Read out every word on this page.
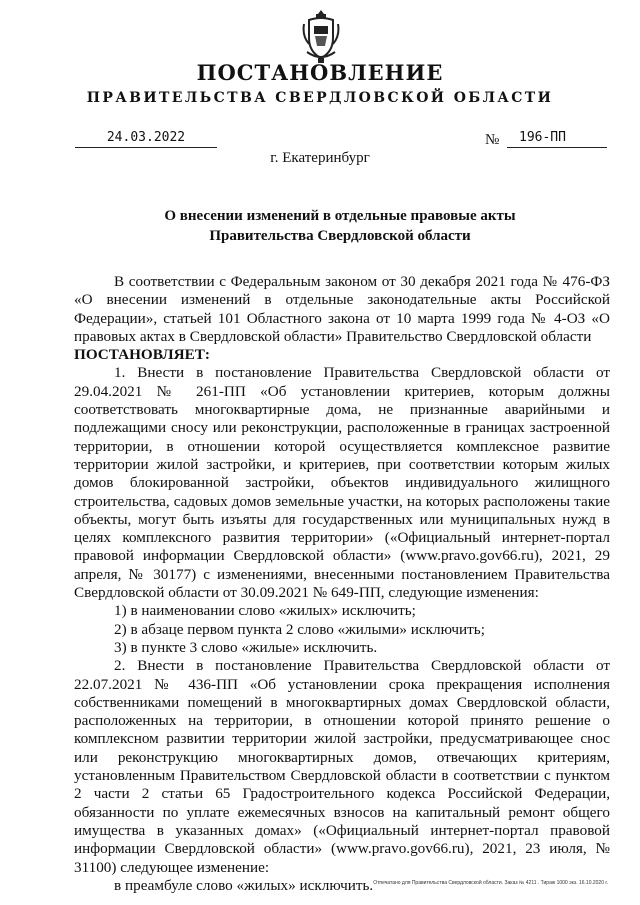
ПОСТАНОВЛЕНИЕ
ПРАВИТЕЛЬСТВА СВЕРДЛОВСКОЙ ОБЛАСТИ
24.03.2022	№	196-ПП
г. Екатеринбург
О внесении изменений в отдельные правовые акты
Правительства Свердловской области

В соответствии с Федеральным законом от 30 декабря 2021 года № 476-ФЗ «О внесении изменений в отдельные законодательные акты Российской Федерации», статьей 101 Областного закона от 10 марта 1999 года № 4-ОЗ «О правовых актах в Свердловской области» Правительство Свердловской области

ПОСТАНОВЛЯЕТ:

1. Внести в постановление Правительства Свердловской области от 29.04.2021 № 261-ПП «Об установлении критериев, которым должны соответствовать многоквартирные дома, не признанные аварийными и подлежащими сносу или реконструкции, расположенные в границах застроенной территории, в отношении которой осуществляется комплексное развитие территории жилой застройки, и критериев, при соответствии которым жилых домов блокированной застройки, объектов индивидуального жилищного строительства, садовых домов земельные участки, на которых расположены такие объекты, могут быть изъяты для государственных или муниципальных нужд в целях комплексного развития территории» («Официальный интернет-портал правовой информации Свердловской области» (www.pravo.gov66.ru), 2021, 29 апреля, № 30177) с изменениями, внесенными постановлением Правительства Свердловской области от 30.09.2021 № 649-ПП, следующие изменения:

1) в наименовании слово «жилых» исключить;

2) в абзаце первом пункта 2 слово «жилыми» исключить;

3) в пункте 3 слово «жилые» исключить.

2. Внести в постановление Правительства Свердловской области от 22.07.2021 № 436-ПП «Об установлении срока прекращения исполнения собственниками помещений в многоквартирных домах Свердловской области, расположенных на территории, в отношении которой принято решение о комплексном развитии территории жилой застройки, предусматривающее снос или реконструкцию многоквартирных домов, отвечающих критериям, установленным Правительством Свердловской области в соответствии с пунктом 2 части 2 статьи 65 Градостроительного кодекса Российской Федерации, обязанности по уплате ежемесячных взносов на капитальный ремонт общего имущества в указанных домах» («Официальный интернет-портал правовой информации Свердловской области» (www.pravo.gov66.ru), 2021, 23 июля, № 31100) следующее изменение:

в преамбуле слово «жилых» исключить. Отпечатано для Правительства Свердловской области. Заказ № 4211 . Тираж 1000 экз. 16.10.2020 г.
